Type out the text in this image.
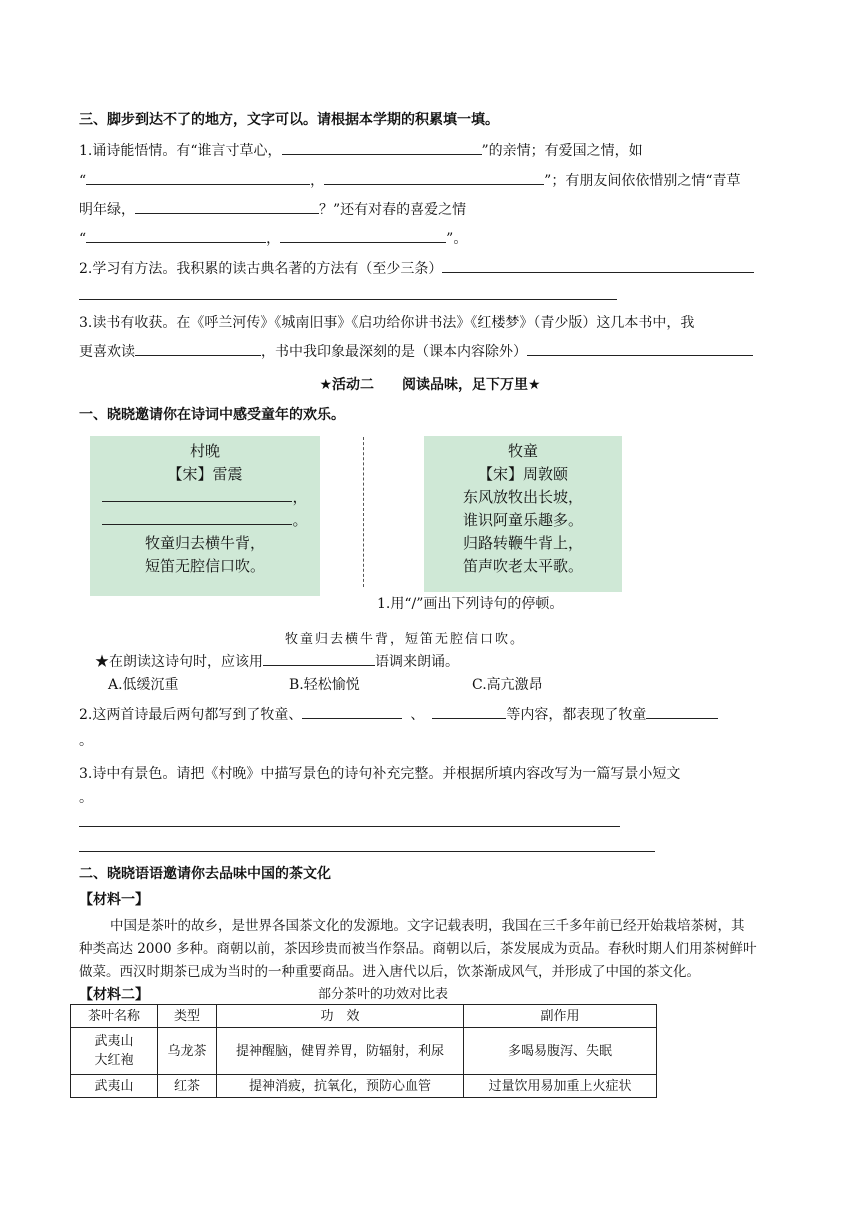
三、脚步到达不了的地方，文字可以。请根据本学期的积累填一填。
1.诵诗能悟情。有“谁言寸草心，	”的亲情；有爱国之情，如
“	，	”；有朋友间依依惜别之情“青草
明年绿，	？”还有对春的喜爱之情
“	，	”。
2.学习有方法。我积累的读古典名著的方法有（至少三条）
3.读书有收获。在《呼兰河传》《城南旧事》《启功给你讲书法》《红楼梦》（青少版）这几本书中，我
更喜欢读	，书中我印象最深刻的是（课本内容除外）
★活动二　　阅读品味，足下万里★
一、晓晓邀请你在诗词中感受童年的欢乐。
村晚
【宋】雷震
，
。
牧童归去横牛背，
短笛无腔信口吹。
牧童
【宋】周敦颐
东风放牧出长坡，
谁识阿童乐趣多。
归路转鞭牛背上，
笛声吹老太平歌。
1.用“/”画出下列诗句的停顿。
牧童归去横牛背，短笛无腔信口吹。
★在朗读这诗句时，应该用	语调来朗诵。
A.低缓沉重	B.轻松愉悦	C.高亢激昂
2.这两首诗最后两句都写到了牧童、	、	等内容，都表现了牧童
。
3.诗中有景色。请把《村晚》中描写景色的诗句补充完整。并根据所填内容改写为一篇写景小短文
。
二、晓晓语语邀请你去品味中国的茶文化
【材料一】
中国是茶叶的故乡，是世界各国茶文化的发源地。文字记载表明，我国在三千多年前已经开始栽培茶树，其
种类高达 2000 多种。商朝以前，茶因珍贵而被当作祭品。商朝以后，茶发展成为贡品。春秋时期人们用茶树鲜叶
做菜。西汉时期茶已成为当时的一种重要商品。进入唐代以后，饮茶渐成风气，并形成了中国的茶文化。
【材料二】	部分茶叶的功效对比表
茶叶名称	类型	功　效	副作用
武夷山
大红袍	乌龙茶	提神醒脑，健胃养胃，防辐射，利尿	多喝易腹泻、失眠
武夷山	红茶	提神消疲，抗氧化，预防心血管	过量饮用易加重上火症状
